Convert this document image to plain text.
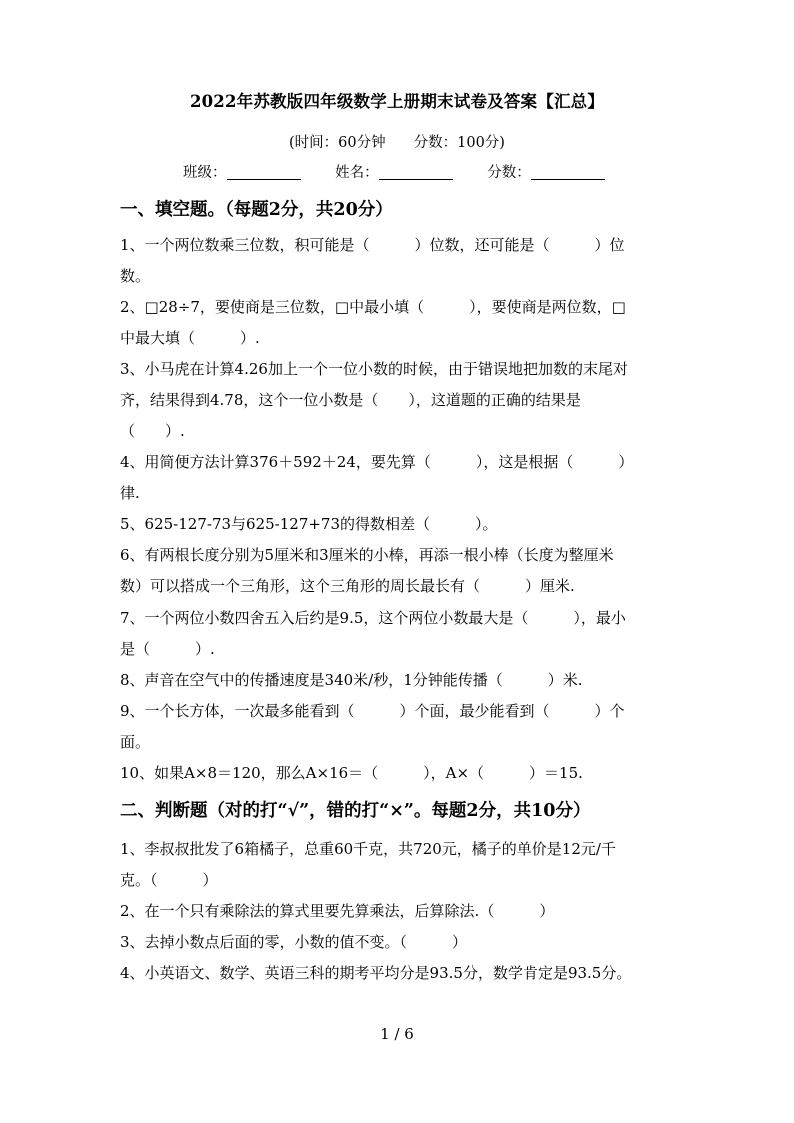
2022年苏教版四年级数学上册期末试卷及答案【汇总】
(时间：60分钟 分数：100分)
班级：	姓名：	分数：
一、填空题。（每题2分，共20分）
1、一个两位数乘三位数，积可能是（　　　）位数，还可能是（　　　）位
数。
2、□28÷7，要使商是三位数，□中最小填（　　　），要使商是两位数，□
中最大填（　　　）.
3、小马虎在计算4.26加上一个一位小数的时候，由于错误地把加数的末尾对
齐，结果得到4.78，这个一位小数是（　　），这道题的正确的结果是
（　　）.
4、用简便方法计算376＋592＋24，要先算（　　　），这是根据（　　　）
律.
5、625-127-73与625-127+73的得数相差（　　　）。
6、有两根长度分别为5厘米和3厘米的小棒，再添一根小棒（长度为整厘米
数）可以搭成一个三角形，这个三角形的周长最长有（　　　）厘米.
7、一个两位小数四舍五入后约是9.5，这个两位小数最大是（　　　），最小
是（　　　）.
8、声音在空气中的传播速度是340米/秒，1分钟能传播（　　　）米.
9、一个长方体，一次最多能看到（　　　）个面，最少能看到（　　　）个
面。
10、如果A×8＝120，那么A×16＝（　　　），A×（　　　）＝15.
二、判断题（对的打“√”，错的打“×”。每题2分，共10分）
1、李叔叔批发了6箱橘子，总重60千克，共720元，橘子的单价是12元/千
克。（　　　）
2、在一个只有乘除法的算式里要先算乘法，后算除法.（　　　）
3、去掉小数点后面的零，小数的值不变。（　　　）
4、小英语文、数学、英语三科的期考平均分是93.5分，数学肯定是93.5分。
1 / 6
